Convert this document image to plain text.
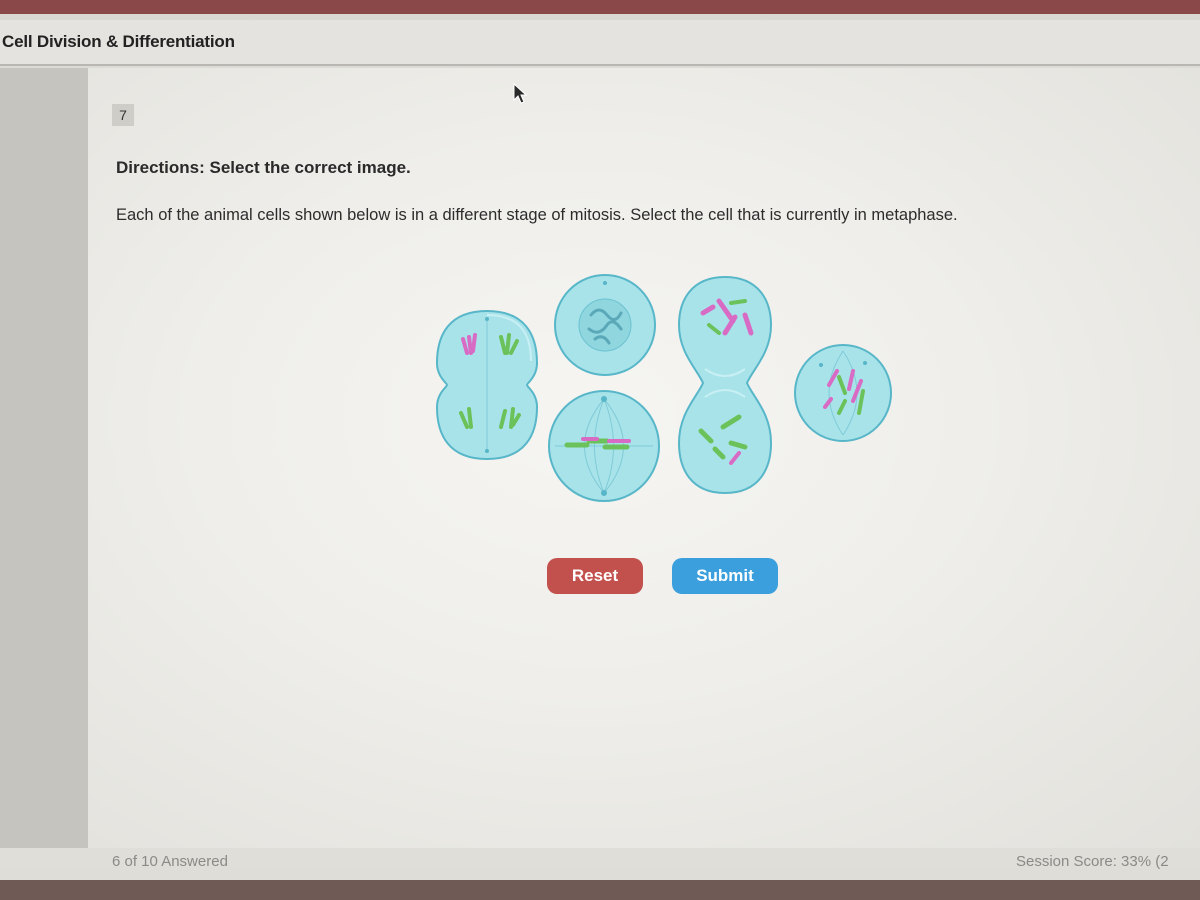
Cell Division & Differentiation
7
Directions: Select the correct image.
Each of the animal cells shown below is in a different stage of mitosis. Select the cell that is currently in metaphase.
Reset	Submit
6 of 10 Answered	Session Score: 33% (2
